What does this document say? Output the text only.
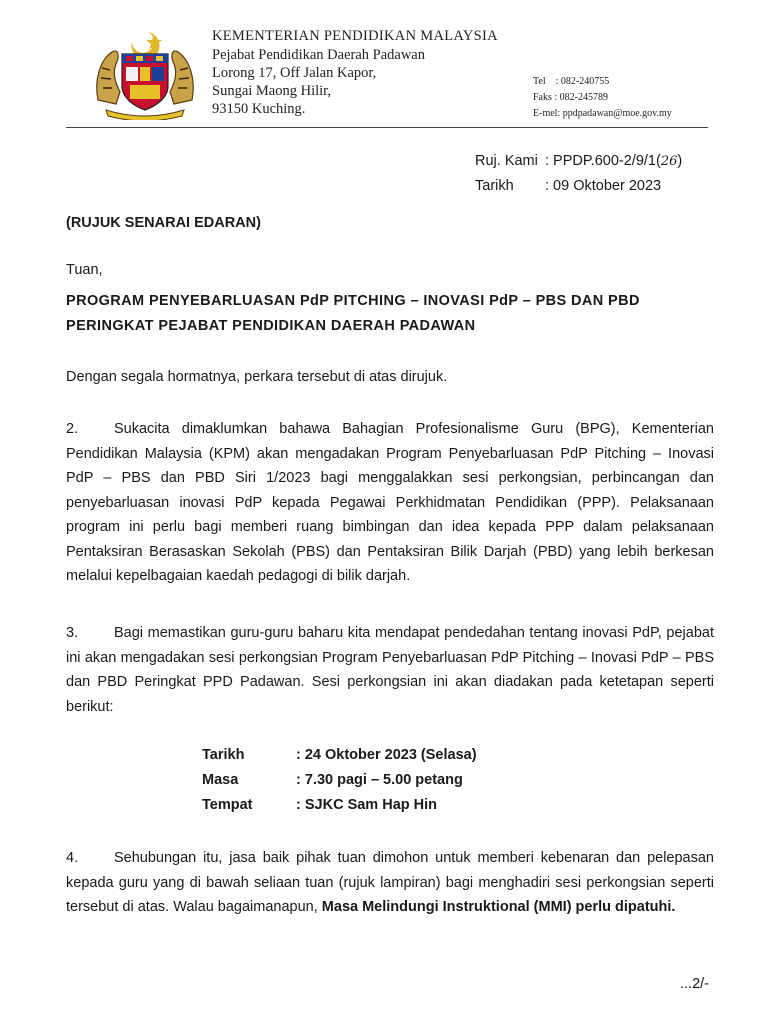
KEMENTERIAN PENDIDIKAN MALAYSIA
Pejabat Pendidikan Daerah Padawan
Lorong 17, Off Jalan Kapor,
Sungai Maong Hilir,
93150 Kuching.
Tel    : 082-240755
Faks : 082-245789
E-mel: ppdpadawan@moe.gov.my
Ruj. Kami : PPDP.600-2/9/1(26)
Tarikh : 09 Oktober 2023
(RUJUK SENARAI EDARAN)
Tuan,
PROGRAM PENYEBARLUASAN PdP PITCHING – INOVASI PdP – PBS DAN PBD
PERINGKAT PEJABAT PENDIDIKAN DAERAH PADAWAN
Dengan segala hormatnya, perkara tersebut di atas dirujuk.
2. Sukacita dimaklumkan bahawa Bahagian Profesionalisme Guru (BPG), Kementerian Pendidikan Malaysia (KPM) akan mengadakan Program Penyebarluasan PdP Pitching – Inovasi PdP – PBS dan PBD Siri 1/2023 bagi menggalakkan sesi perkongsian, perbincangan dan penyebarluasan inovasi PdP kepada Pegawai Perkhidmatan Pendidikan (PPP). Pelaksanaan program ini perlu bagi memberi ruang bimbingan dan idea kepada PPP dalam pelaksanaan Pentaksiran Berasaskan Sekolah (PBS) dan Pentaksiran Bilik Darjah (PBD) yang lebih berkesan melalui kepelbagaian kaedah pedagogi di bilik darjah.
3. Bagi memastikan guru-guru baharu kita mendapat pendedahan tentang inovasi PdP, pejabat ini akan mengadakan sesi perkongsian Program Penyebarluasan PdP Pitching – Inovasi PdP – PBS dan PBD Peringkat PPD Padawan. Sesi perkongsian ini akan diadakan pada ketetapan seperti berikut:
Tarikh	: 24 Oktober 2023 (Selasa)
Masa	: 7.30 pagi – 5.00 petang
Tempat	: SJKC Sam Hap Hin
4. Sehubungan itu, jasa baik pihak tuan dimohon untuk memberi kebenaran dan pelepasan kepada guru yang di bawah seliaan tuan (rujuk lampiran) bagi menghadiri sesi perkongsian seperti tersebut di atas. Walau bagaimanapun, Masa Melindungi Instruktional (MMI) perlu dipatuhi.
...2/-
